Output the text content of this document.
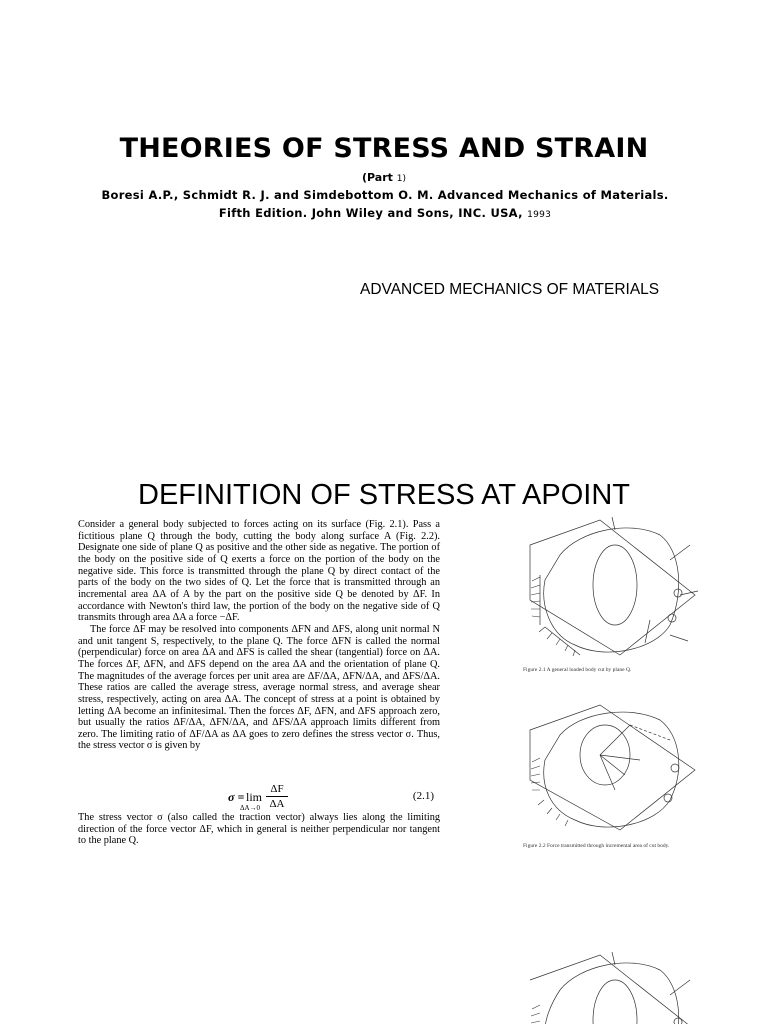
THEORIES OF STRESS AND STRAIN
(Part 1)
Boresi A.P., Schmidt R. J. and Simdebottom O. M. Advanced Mechanics of Materials.
Fifth Edition. John Wiley and Sons, INC. USA, 1993
ADVANCED MECHANICS OF MATERIALS
DEFINITION OF STRESS AT APOINT

Consider a general body subjected to forces acting on its surface (Fig. 2.1). Pass a fictitious plane Q through the body, cutting the body along surface A (Fig. 2.2). Designate one side of plane Q as positive and the other side as negative. The portion of the body on the positive side of Q exerts a force on the portion of the body on the negative side. This force is transmitted through the plane Q by direct contact of the parts of the body on the two sides of Q. Let the force that is transmitted through an incremental area ΔA of A by the part on the positive side Q be denoted by ΔF. In accordance with Newton's third law, the portion of the body on the negative side of Q transmits through area ΔA a force −ΔF.

The force ΔF may be resolved into components ΔFN and ΔFS, along unit normal N and unit tangent S, respectively, to the plane Q. The force ΔFN is called the normal (perpendicular) force on area ΔA and ΔFS is called the shear (tangential) force on ΔA. The forces ΔF, ΔFN, and ΔFS depend on the area ΔA and the orientation of plane Q. The magnitudes of the average forces per unit area are ΔF/ΔA, ΔFN/ΔA, and ΔFS/ΔA. These ratios are called the average stress, average normal stress, and average shear stress, respectively, acting on area ΔA. The concept of stress at a point is obtained by letting ΔA become an infinitesimal. Then the forces ΔF, ΔFN, and ΔFS approach zero, but usually the ratios ΔF/ΔA, ΔFN/ΔA, and ΔFS/ΔA approach limits different from zero. The limiting ratio of ΔF/ΔA as ΔA goes to zero defines the stress vector σ. Thus, the stress vector σ is given by

σ = lim
ΔA→0
ΔF
ΔA
(2.1)
The stress vector σ (also called the traction vector) always lies along the limiting direction of the force vector ΔF, which in general is neither perpendicular nor tangent to the plane Q.
Figure 2.1 A general loaded body cut by plane Q.
Figure 2.2 Force transmitted through incremental area of cut body.
